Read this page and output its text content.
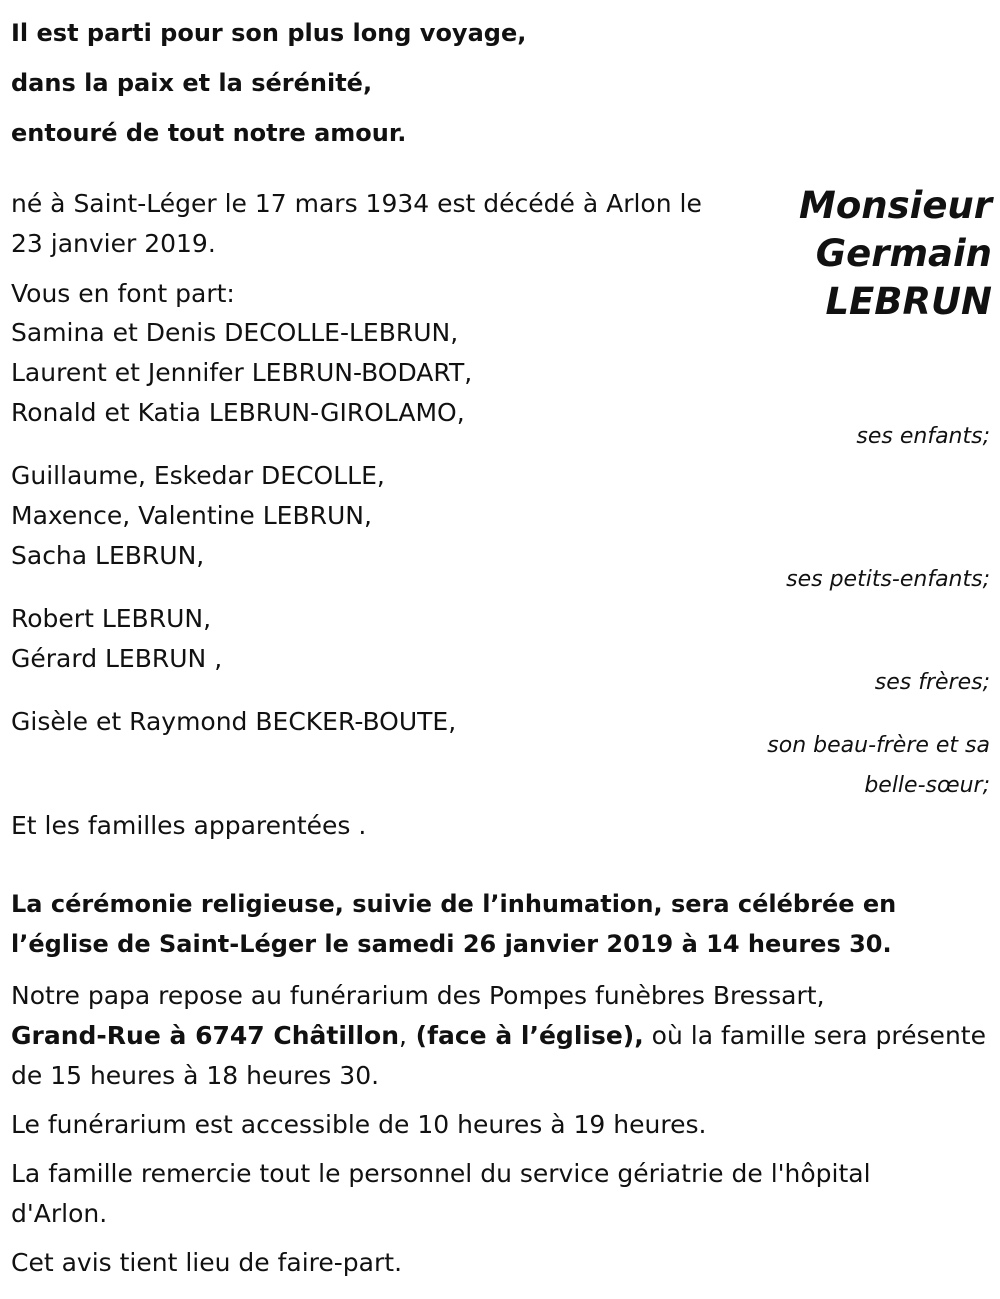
Il est parti pour son plus long voyage,
dans la paix et la sérénité,
entouré de tout notre amour.
Monsieur
Germain
LEBRUN
né à Saint-Léger le 17 mars 1934 est décédé à Arlon le
23 janvier 2019.
Vous en font part:
Samina et Denis DECOLLE-LEBRUN,
Laurent et Jennifer LEBRUN-BODART,
Ronald et Katia LEBRUN-GIROLAMO,
ses enfants;
Guillaume, Eskedar DECOLLE,
Maxence, Valentine LEBRUN,
Sacha LEBRUN,
ses petits-enfants;
Robert LEBRUN,
Gérard LEBRUN ,
ses frères;
Gisèle et Raymond BECKER-BOUTE,
son beau-frère et sa
belle-sœur;
Et les familles apparentées .
La cérémonie religieuse, suivie de l’inhumation, sera célébrée en
l’église de Saint-Léger le samedi 26 janvier 2019 à 14 heures 30.
Notre papa repose au funérarium des Pompes funèbres Bressart,
Grand-Rue à 6747 Châtillon, (face à l’église), où la famille sera présente
de 15 heures à 18 heures 30.
Le funérarium est accessible de 10 heures à 19 heures.
La famille remercie tout le personnel du service gériatrie de l'hôpital
d'Arlon.
Cet avis tient lieu de faire-part.
